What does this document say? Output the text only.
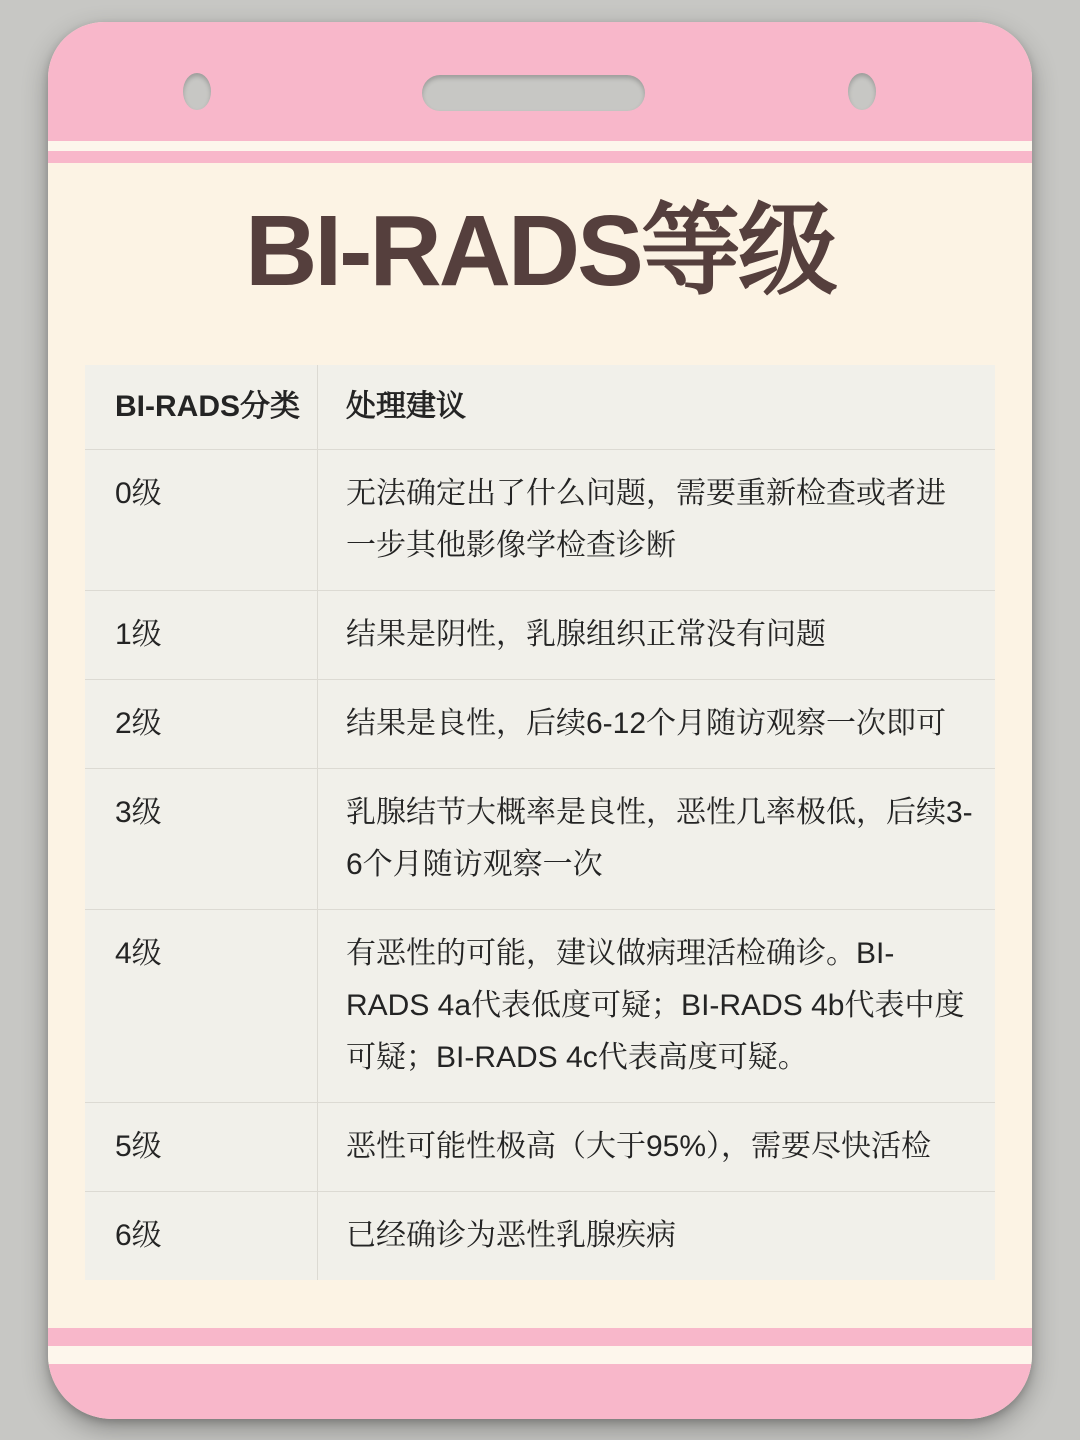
BI-RADS等级
BI-RADS分类	处理建议
0级	无法确定出了什么问题，需要重新检查或者进一步其他影像学检查诊断
1级	结果是阴性，乳腺组织正常没有问题
2级	结果是良性，后续6-12个月随访观察一次即可
3级	乳腺结节大概率是良性，恶性几率极低，后续3-6个月随访观察一次
4级	有恶性的可能，建议做病理活检确诊。BI-RADS 4a代表低度可疑；BI-RADS 4b代表中度可疑；BI-RADS 4c代表高度可疑。
5级	恶性可能性极高（大于95%），需要尽快活检
6级	已经确诊为恶性乳腺疾病
